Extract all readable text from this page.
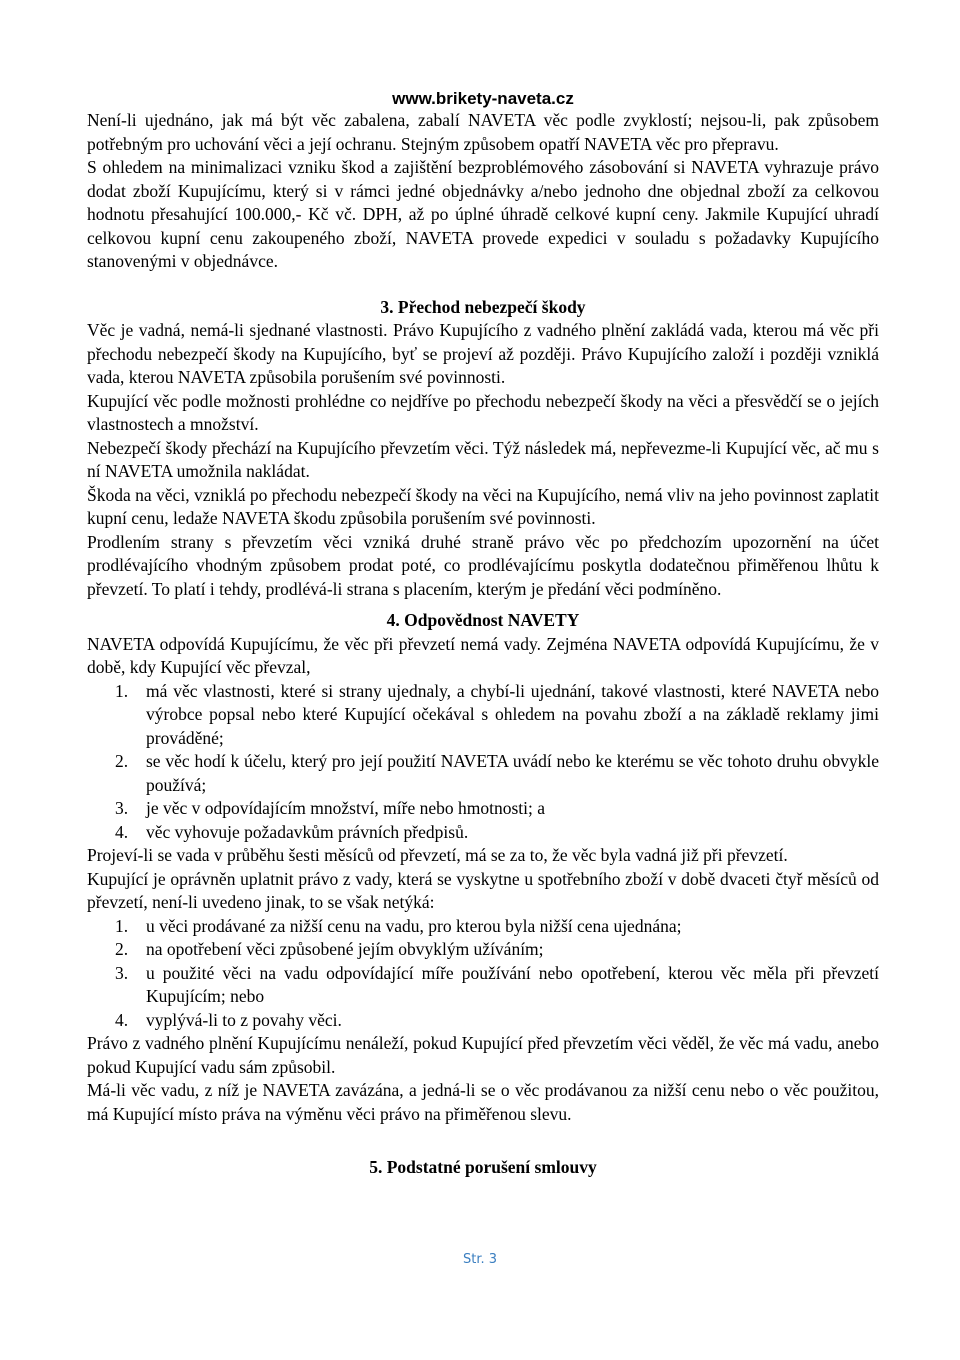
www.brikety-naveta.cz

Není-li ujednáno, jak má být věc zabalena, zabalí NAVETA věc podle zvyklostí; nejsou-li, pak způsobem potřebným pro uchování věci a její ochranu. Stejným způsobem opatří NAVETA věc pro přepravu.

S ohledem na minimalizaci vzniku škod a zajištění bezproblémového zásobování si NAVETA vyhrazuje právo dodat zboží Kupujícímu, který si v rámci jedné objednávky a/nebo jednoho dne objednal zboží za celkovou hodnotu přesahující 100.000,- Kč vč. DPH, až po úplné úhradě celkové kupní ceny. Jakmile Kupující uhradí celkovou kupní cenu zakoupeného zboží, NAVETA provede expedici v souladu s požadavky Kupujícího stanovenými v objednávce.

3. Přechod nebezpečí škody

Věc je vadná, nemá-li sjednané vlastnosti. Právo Kupujícího z vadného plnění zakládá vada, kterou má věc při přechodu nebezpečí škody na Kupujícího, byť se projeví až později. Právo Kupujícího založí i později vzniklá vada, kterou NAVETA způsobila porušením své povinnosti.

Kupující věc podle možnosti prohlédne co nejdříve po přechodu nebezpečí škody na věci a přesvědčí se o jejích vlastnostech a množství.

Nebezpečí škody přechází na Kupujícího převzetím věci. Týž následek má, nepřevezme-li Kupující věc, ač mu s ní NAVETA umožnila nakládat.

Škoda na věci, vzniklá po přechodu nebezpečí škody na věci na Kupujícího, nemá vliv na jeho povinnost zaplatit kupní cenu, ledaže NAVETA škodu způsobila porušením své povinnosti.

Prodlením strany s převzetím věci vzniká druhé straně právo věc po předchozím upozornění na účet prodlévajícího vhodným způsobem prodat poté, co prodlévajícímu poskytla dodatečnou přiměřenou lhůtu k převzetí. To platí i tehdy, prodlévá-li strana s placením, kterým je předání věci podmíněno.

4. Odpovědnost NAVETY

NAVETA odpovídá Kupujícímu, že věc při převzetí nemá vady. Zejména NAVETA odpovídá Kupujícímu, že v době, kdy Kupující věc převzal,

1. má věc vlastnosti, které si strany ujednaly, a chybí-li ujednání, takové vlastnosti, které NAVETA nebo výrobce popsal nebo které Kupující očekával s ohledem na povahu zboží a na základě reklamy jimi prováděné;
2. se věc hodí k účelu, který pro její použití NAVETA uvádí nebo ke kterému se věc tohoto druhu obvykle používá;
3. je věc v odpovídajícím množství, míře nebo hmotnosti; a
4. věc vyhovuje požadavkům právních předpisů.

Projeví-li se vada v průběhu šesti měsíců od převzetí, má se za to, že věc byla vadná již při převzetí.

Kupující je oprávněn uplatnit právo z vady, která se vyskytne u spotřebního zboží v době dvaceti čtyř měsíců od převzetí, není-li uvedeno jinak, to se však netýká:

1. u věci prodávané za nižší cenu na vadu, pro kterou byla nižší cena ujednána;
2. na opotřebení věci způsobené jejím obvyklým užíváním;
3. u použité věci na vadu odpovídající míře používání nebo opotřebení, kterou věc měla při převzetí Kupujícím; nebo
4. vyplývá-li to z povahy věci.

Právo z vadného plnění Kupujícímu nenáleží, pokud Kupující před převzetím věci věděl, že věc má vadu, anebo pokud Kupující vadu sám způsobil.

Má-li věc vadu, z níž je NAVETA zavázána, a jedná-li se o věc prodávanou za nižší cenu nebo o věc použitou, má Kupující místo práva na výměnu věci právo na přiměřenou slevu.

5. Podstatné porušení smlouvy

Str. 3
